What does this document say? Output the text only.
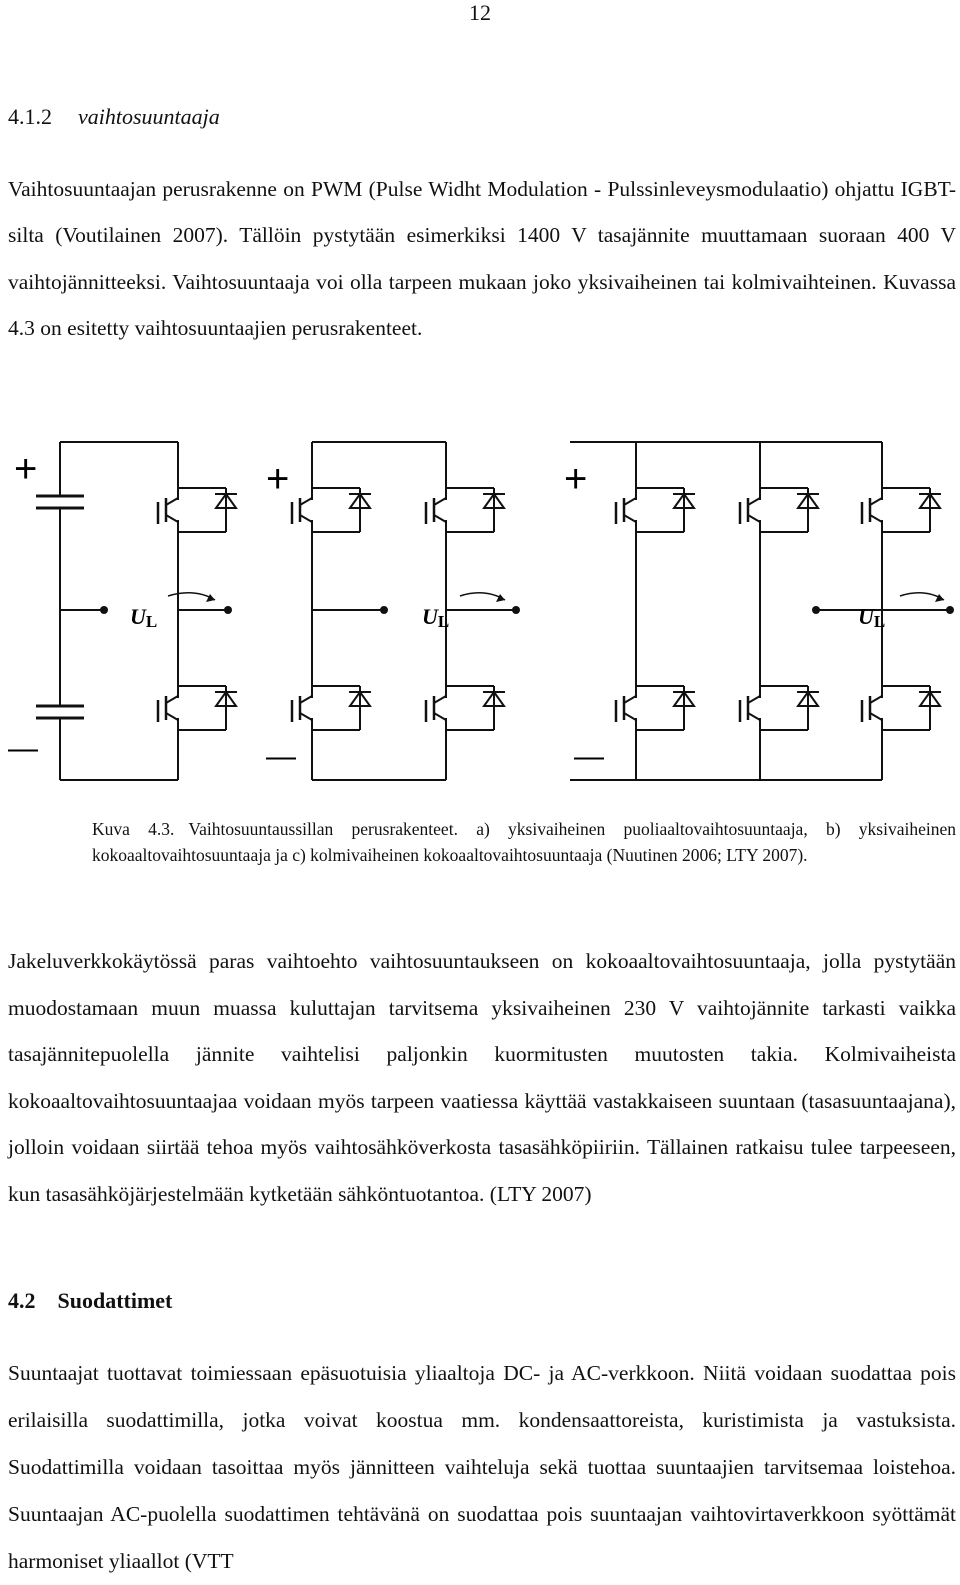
12
4.1.2 vaihtosuuntaaja

Vaihtosuuntaajan perusrakenne on PWM (Pulse Widht Modulation - Pulssinleveysmodulaatio) ohjattu IGBT-silta (Voutilainen 2007). Tällöin pystytään esimerkiksi 1400 V tasajännite muuttamaan suoraan 400 V vaihtojännitteeksi. Vaihtosuuntaaja voi olla tarpeen mukaan joko yksivaiheinen tai kolmivaihteinen. Kuvassa 4.3 on esitetty vaihtosuuntaajien perusrakenteet.

+
—
UL
+
—
UL
+
—
UL

Kuva 4.3. Vaihtosuuntaussillan perusrakenteet. a) yksivaiheinen puoliaaltovaihtosuuntaaja, b) yksivaiheinen kokoaaltovaihtosuuntaaja ja c) kolmivaiheinen kokoaaltovaihtosuuntaaja (Nuutinen 2006; LTY 2007).

Jakeluverkkokäytössä paras vaihtoehto vaihtosuuntaukseen on kokoaaltovaihtosuuntaaja, jolla pystytään muodostamaan muun muassa kuluttajan tarvitsema yksivaiheinen 230 V vaihtojännite tarkasti vaikka tasajännitepuolella jännite vaihtelisi paljonkin kuormitusten muutosten takia. Kolmivaiheista kokoaaltovaihtosuuntaajaa voidaan myös tarpeen vaatiessa käyttää vastakkaiseen suuntaan (tasasuuntaajana), jolloin voidaan siirtää tehoa myös vaihtosähköverkosta tasasähköpiiriin. Tällainen ratkaisu tulee tarpeeseen, kun tasasähköjärjestelmään kytketään sähköntuotantoa. (LTY 2007)

4.2 Suodattimet

Suuntaajat tuottavat toimiessaan epäsuotuisia yliaaltoja DC- ja AC-verkkoon. Niitä voidaan suodattaa pois erilaisilla suodattimilla, jotka voivat koostua mm. kondensaattoreista, kuristimista ja vastuksista. Suodattimilla voidaan tasoittaa myös jännitteen vaihteluja sekä tuottaa suuntaajien tarvitsemaa loistehoa. Suuntaajan AC-puolella suodattimen tehtävänä on suodattaa pois suuntaajan vaihtovirtaverkkoon syöttämät harmoniset yliaallot (VTT
